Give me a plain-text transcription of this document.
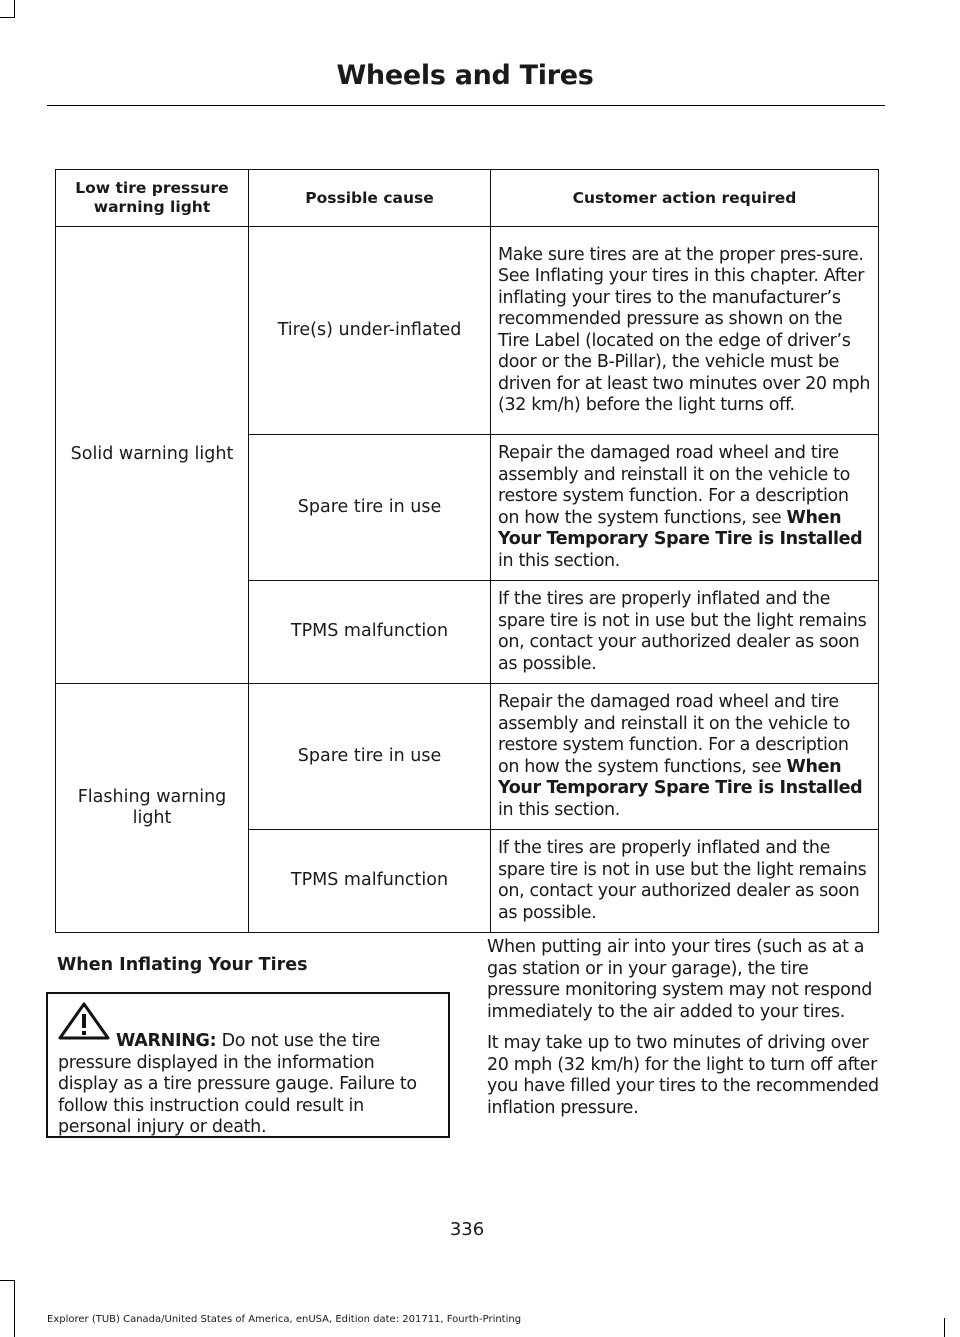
Wheels and Tires
Low tire pressure warning light	Possible cause	Customer action required
Solid warning light	Tire(s) under-inflated	Make sure tires are at the proper pres-sure. See Inflating your tires in this chapter. After inflating your tires to the manufacturer’s recommended pressure as shown on the Tire Label (located on the edge of driver’s door or the B-Pillar), the vehicle must be driven for at least two minutes over 20 mph (32 km/h) before the light turns off.
	Spare tire in use	Repair the damaged road wheel and tire assembly and reinstall it on the vehicle to restore system function. For a description on how the system functions, see When Your Temporary Spare Tire is Installed in this section.
	TPMS malfunction	If the tires are properly inflated and the spare tire is not in use but the light remains on, contact your authorized dealer as soon as possible.
Flashing warning light	Spare tire in use	Repair the damaged road wheel and tire assembly and reinstall it on the vehicle to restore system function. For a description on how the system functions, see When Your Temporary Spare Tire is Installed in this section.
	TPMS malfunction	If the tires are properly inflated and the spare tire is not in use but the light remains on, contact your authorized dealer as soon as possible.
When Inflating Your Tires
WARNING: Do not use the tire pressure displayed in the information display as a tire pressure gauge. Failure to follow this instruction could result in personal injury or death.

When putting air into your tires (such as at a gas station or in your garage), the tire pressure monitoring system may not respond immediately to the air added to your tires.

It may take up to two minutes of driving over 20 mph (32 km/h) for the light to turn off after you have filled your tires to the recommended inflation pressure.

336
Explorer (TUB) Canada/United States of America, enUSA, Edition date: 201711, Fourth-Printing
